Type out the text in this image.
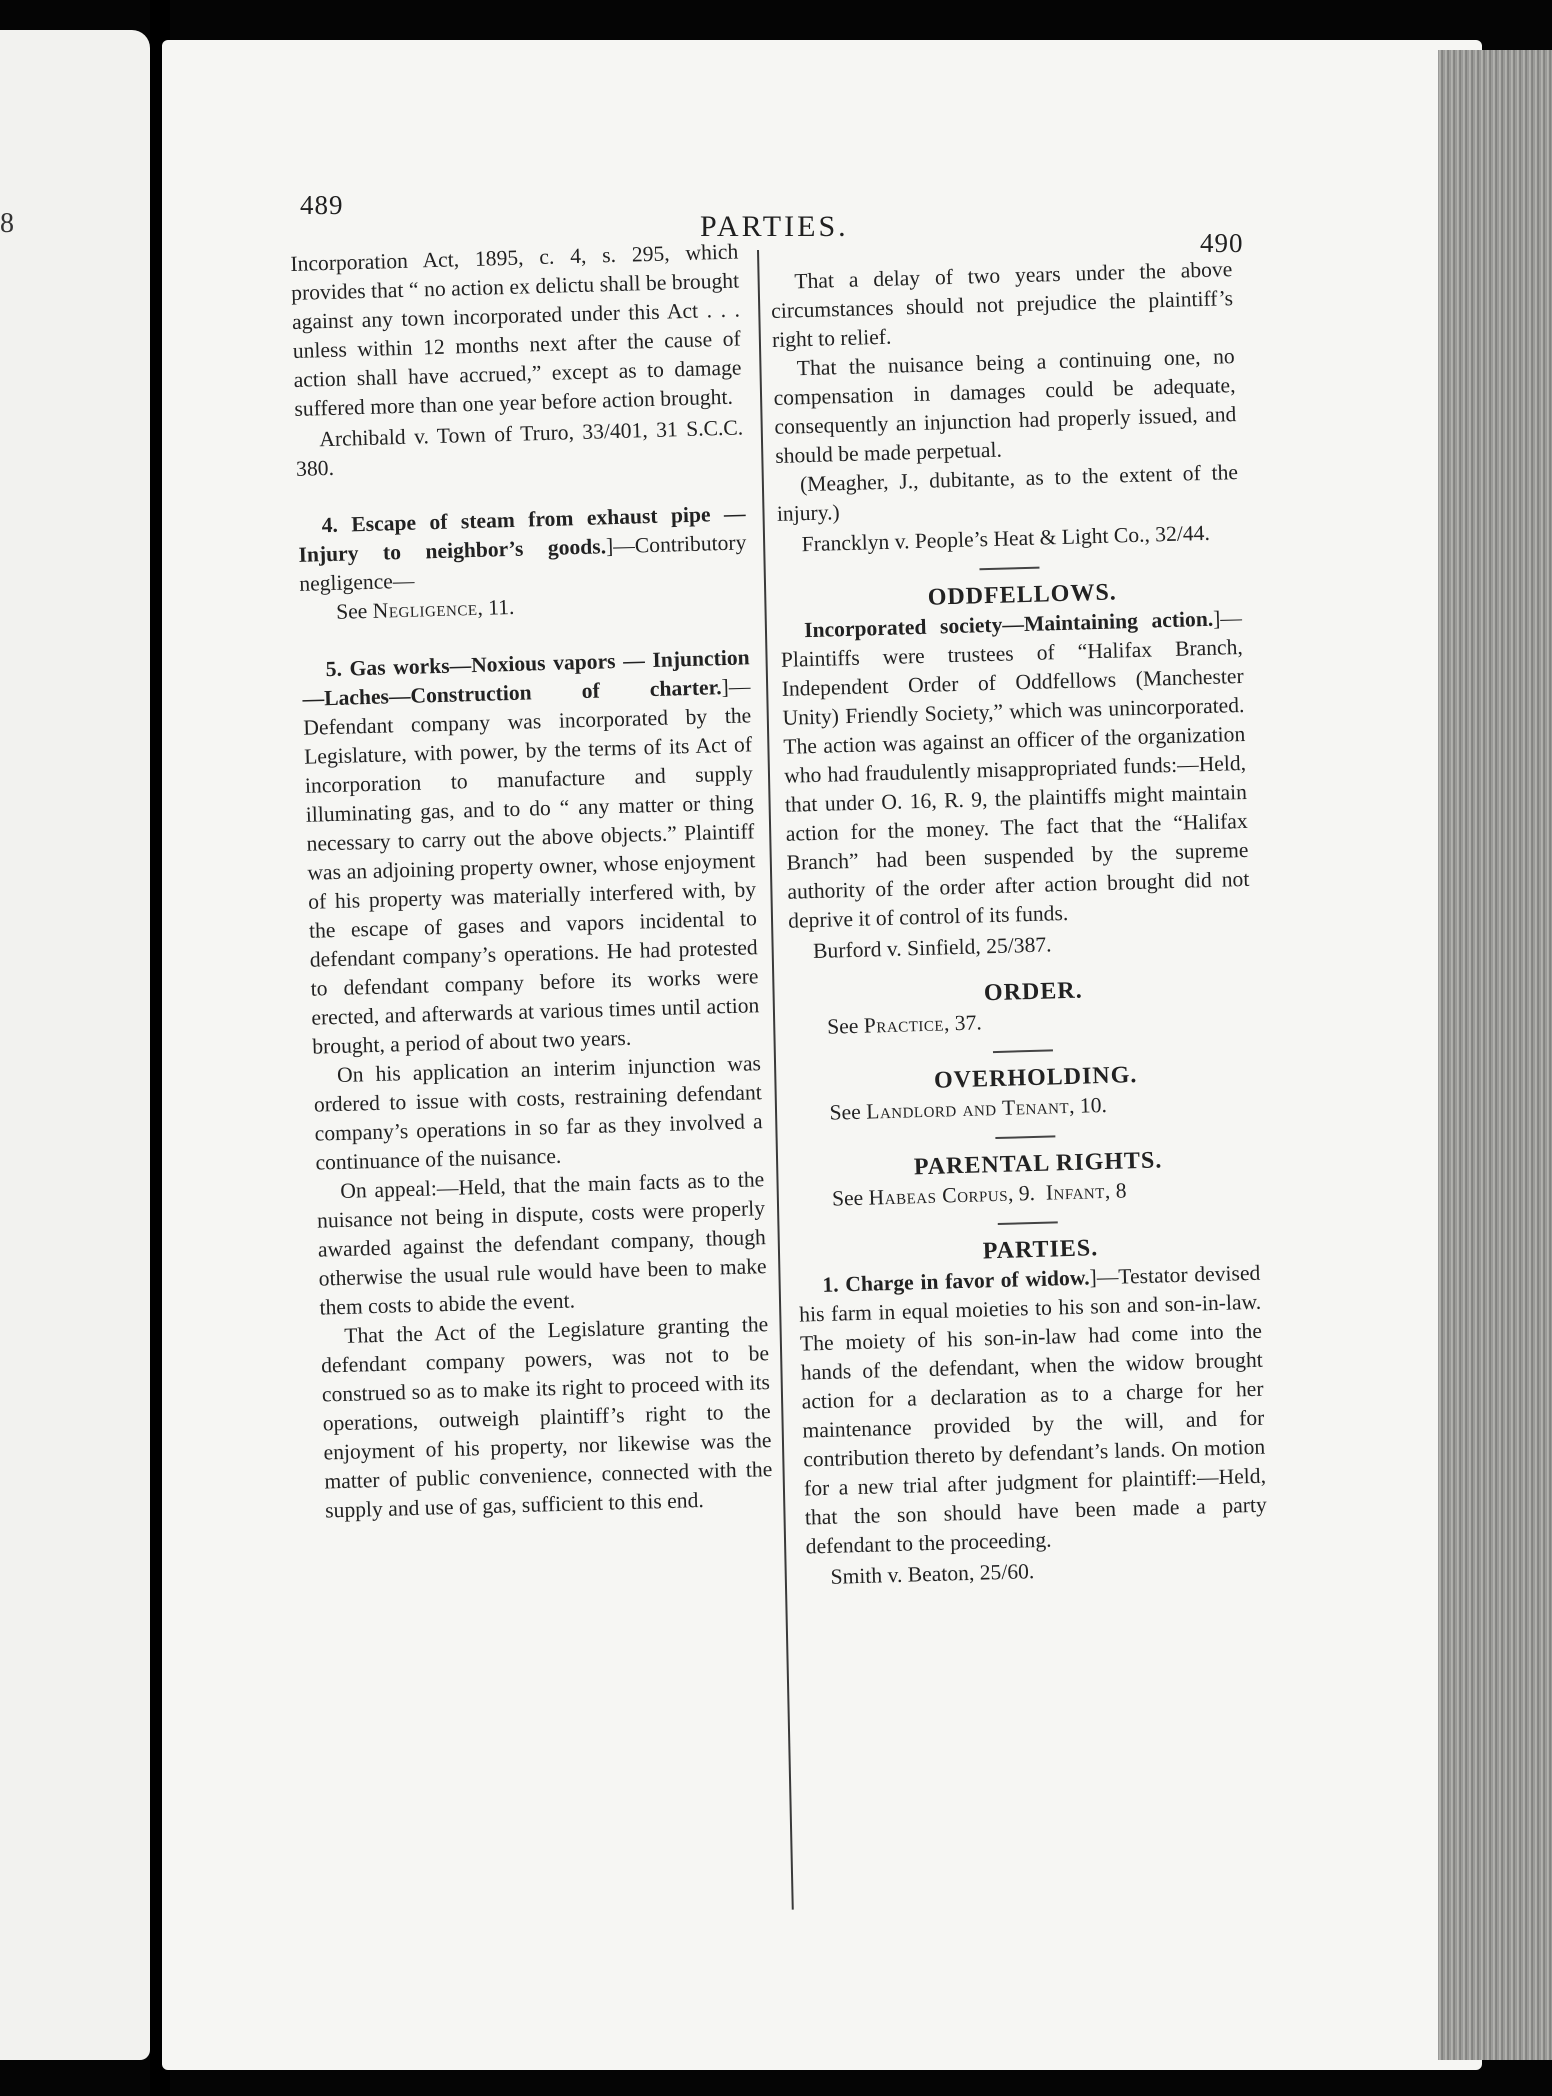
8
489
PARTIES.	490

Incorporation Act, 1895, c. 4, s. 295, which provides that “ no action ex delictu shall be brought against any town incorporated under this Act . . . unless within 12 months next after the cause of action shall have accrued,” except as to damage suffered more than one year before action brought.

Archibald v. Town of Truro, 33/401, 31 S.C.C. 380.

4. Escape of steam from exhaust pipe —Injury to neighbor’s goods.]—Contributory negligence—

See Negligence, 11.

5. Gas works—Noxious vapors — Injunction—Laches—Construction of charter.]—Defendant company was incorporated by the Legislature, with power, by the terms of its Act of incorporation to manufacture and supply illuminating gas, and to do “ any matter or thing necessary to carry out the above objects.” Plaintiff was an adjoining property owner, whose enjoyment of his property was materially interfered with, by the escape of gases and vapors incidental to defendant company’s operations. He had protested to defendant company before its works were erected, and afterwards at various times until action brought, a period of about two years.

On his application an interim injunction was ordered to issue with costs, restraining defendant company’s operations in so far as they involved a continuance of the nuisance.

On appeal:—Held, that the main facts as to the nuisance not being in dispute, costs were properly awarded against the defendant company, though otherwise the usual rule would have been to make them costs to abide the event.

That the Act of the Legislature granting the defendant company powers, was not to be construed so as to make its right to proceed with its operations, outweigh plaintiff’s right to the enjoyment of his property, nor likewise was the matter of public convenience, connected with the supply and use of gas, sufficient to this end.

That a delay of two years under the above circumstances should not prejudice the plaintiff’s right to relief.

That the nuisance being a continuing one, no compensation in damages could be adequate, consequently an injunction had properly issued, and should be made perpetual.

(Meagher, J., dubitante, as to the extent of the injury.)

Francklyn v. People’s Heat & Light Co., 32/44.

ODDFELLOWS.

Incorporated society—Maintaining action.]—Plaintiffs were trustees of “Halifax Branch, Independent Order of Oddfellows (Manchester Unity) Friendly Society,” which was unincorporated. The action was against an officer of the organization who had fraudulently misappropriated funds:—Held, that under O. 16, R. 9, the plaintiffs might maintain action for the money. The fact that the “Halifax Branch” had been suspended by the supreme authority of the order after action brought did not deprive it of control of its funds.

Burford v. Sinfield, 25/387.

ORDER.

See Practice, 37.

OVERHOLDING.

See Landlord and Tenant, 10.

PARENTAL RIGHTS.

See Habeas Corpus, 9. Infant, 8

PARTIES.

1. Charge in favor of widow.]—Testator devised his farm in equal moieties to his son and son-in-law. The moiety of his son-in-law had come into the hands of the defendant, when the widow brought action for a declaration as to a charge for her maintenance provided by the will, and for contribution thereto by defendant’s lands. On motion for a new trial after judgment for plaintiff:—Held, that the son should have been made a party defendant to the proceeding.

Smith v. Beaton, 25/60.
